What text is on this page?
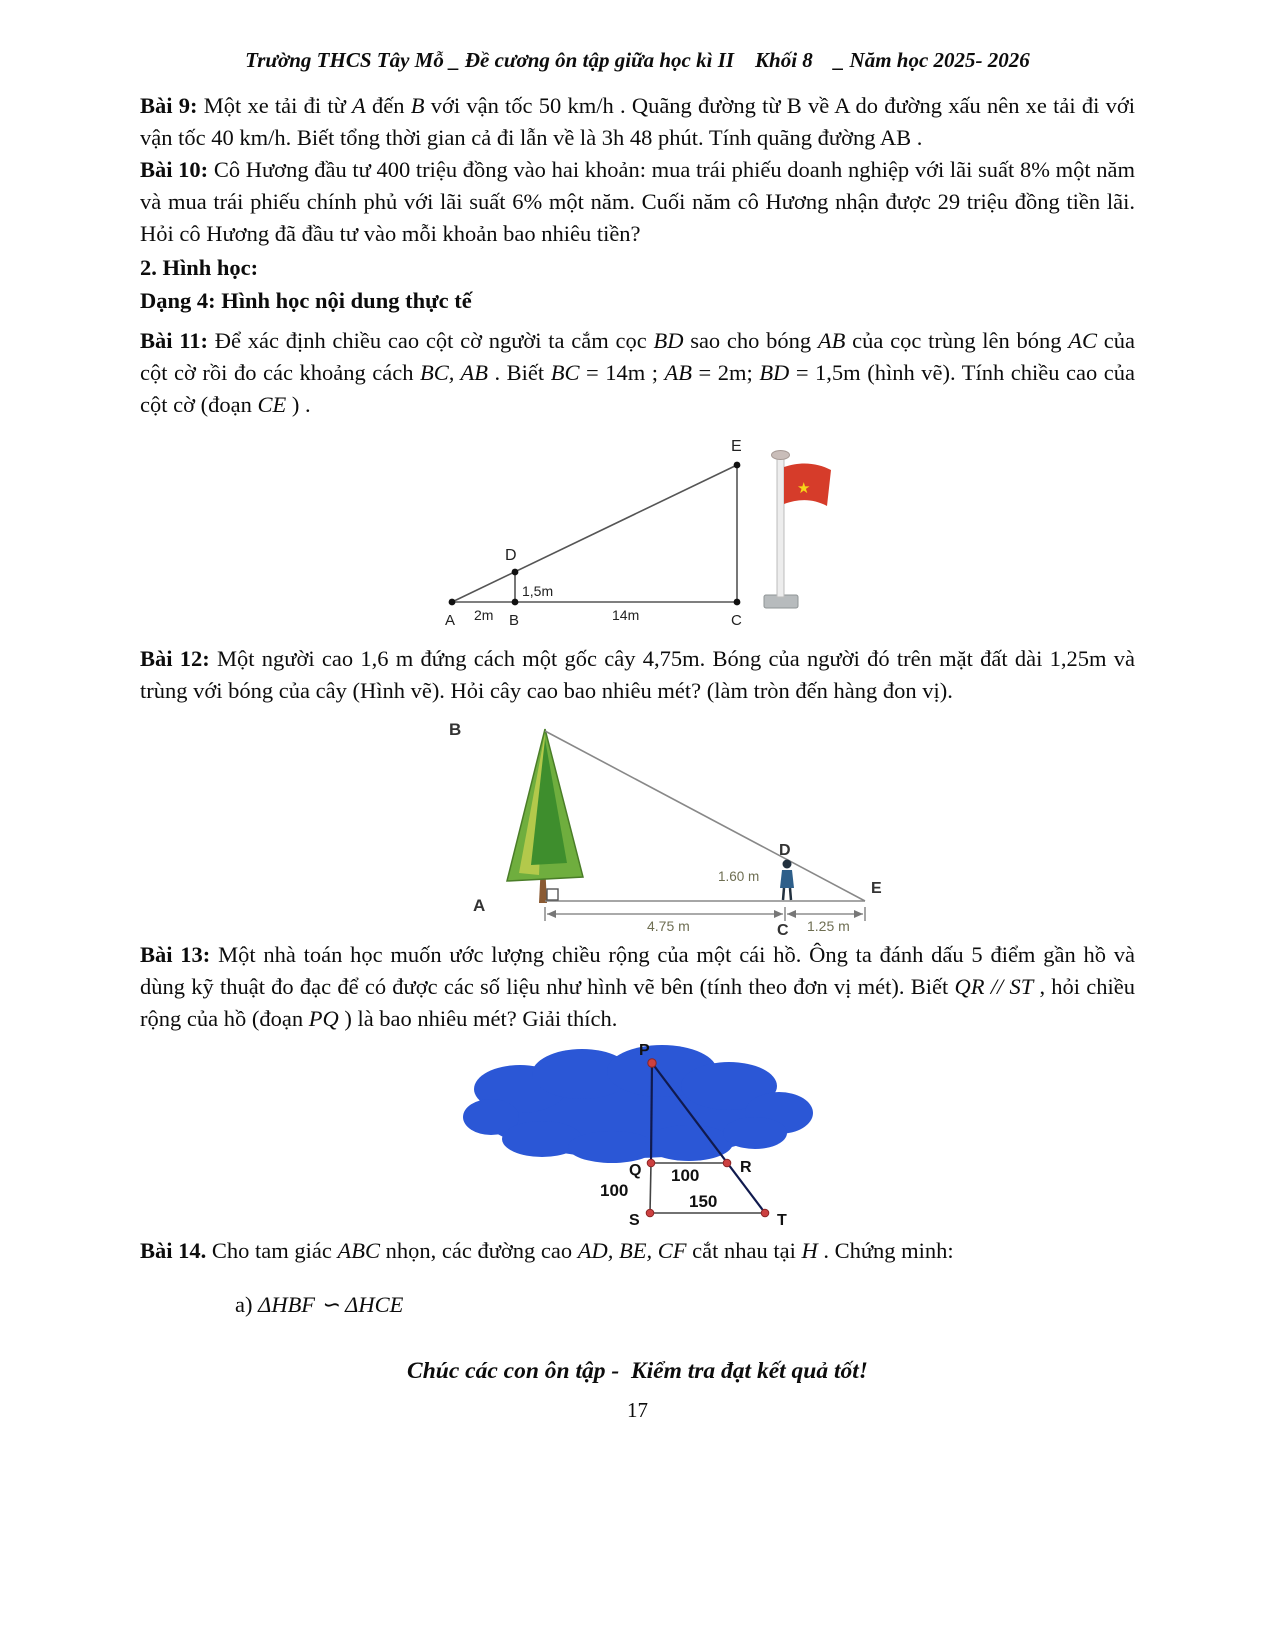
Trường THCS Tây Mỗ _ Đề cương ôn tập giữa học kì II    Khối 8    _ Năm học 2025- 2026

Bài 9: Một xe tải đi từ A đến B với vận tốc 50 km/h . Quãng đường từ B về A do đường xấu nên xe tải đi với vận tốc 40 km/h. Biết tổng thời gian cả đi lẫn về là 3h 48 phút. Tính quãng đường AB .

Bài 10: Cô Hương đầu tư 400 triệu đồng vào hai khoản: mua trái phiếu doanh nghiệp với lãi suất 8% một năm và mua trái phiếu chính phủ với lãi suất 6% một năm. Cuối năm cô Hương nhận được 29 triệu đồng tiền lãi. Hỏi cô Hương đã đầu tư vào mỗi khoản bao nhiêu tiền?

2. Hình học:

Dạng 4: Hình học nội dung thực tế

Bài 11: Để xác định chiều cao cột cờ người ta cắm cọc BD sao cho bóng AB của cọc trùng lên bóng AC của cột cờ rồi đo các khoảng cách BC, AB . Biết BC = 14m ; AB = 2m; BD = 1,5m (hình vẽ). Tính chiều cao của cột cờ (đoạn CE ) .

E
D
1,5m
A 2m B	14m	C
★

Bài 12: Một người cao 1,6 m đứng cách một gốc cây 4,75m. Bóng của người đó trên mặt đất dài 1,25m và trùng với bóng của cây (Hình vẽ). Hỏi cây cao bao nhiêu mét? (làm tròn đến hàng đon vị).

B
A
D
E
1.60 m
4.75 m	1.25 m
C

Bài 13: Một nhà toán học muốn ước lượng chiều rộng của một cái hồ. Ông ta đánh dấu 5 điểm gần hồ và dùng kỹ thuật đo đạc để có được các số liệu như hình vẽ bên (tính theo đơn vị mét). Biết QR // ST , hỏi chiều rộng của hồ (đoạn PQ ) là bao nhiêu mét? Giải thích.

P
Q	R
S	T
100
100
150

Bài 14. Cho tam giác ABC nhọn, các đường cao AD, BE, CF cắt nhau tại H . Chứng minh:

a) ΔHBF ∽ ΔHCE

Chúc các con ôn tập -  Kiểm tra đạt kết quả tốt!
17
